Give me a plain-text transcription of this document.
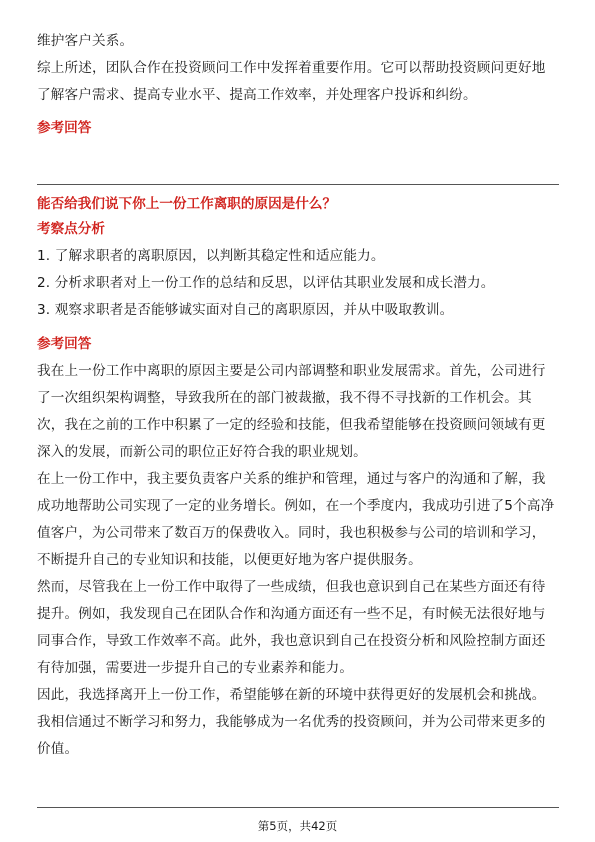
维护客户关系。

综上所述，团队合作在投资顾问工作中发挥着重要作用。它可以帮助投资顾问更好地了解客户需求、提高专业水平、提高工作效率，并处理客户投诉和纠纷。

参考回答

能否给我们说下你上一份工作离职的原因是什么？

考察点分析

1. 了解求职者的离职原因，以判断其稳定性和适应能力。

2. 分析求职者对上一份工作的总结和反思，以评估其职业发展和成长潜力。

3. 观察求职者是否能够诚实面对自己的离职原因，并从中吸取教训。

参考回答

我在上一份工作中离职的原因主要是公司内部调整和职业发展需求。首先，公司进行了一次组织架构调整，导致我所在的部门被裁撤，我不得不寻找新的工作机会。其次，我在之前的工作中积累了一定的经验和技能，但我希望能够在投资顾问领域有更深入的发展，而新公司的职位正好符合我的职业规划。

在上一份工作中，我主要负责客户关系的维护和管理，通过与客户的沟通和了解，我成功地帮助公司实现了一定的业务增长。例如，在一个季度内，我成功引进了5个高净值客户，为公司带来了数百万的保费收入。同时，我也积极参与公司的培训和学习，不断提升自己的专业知识和技能，以便更好地为客户提供服务。

然而，尽管我在上一份工作中取得了一些成绩，但我也意识到自己在某些方面还有待提升。例如，我发现自己在团队合作和沟通方面还有一些不足，有时候无法很好地与同事合作，导致工作效率不高。此外，我也意识到自己在投资分析和风险控制方面还有待加强，需要进一步提升自己的专业素养和能力。

因此，我选择离开上一份工作，希望能够在新的环境中获得更好的发展机会和挑战。我相信通过不断学习和努力，我能够成为一名优秀的投资顾问，并为公司带来更多的价值。

第5页，共42页
